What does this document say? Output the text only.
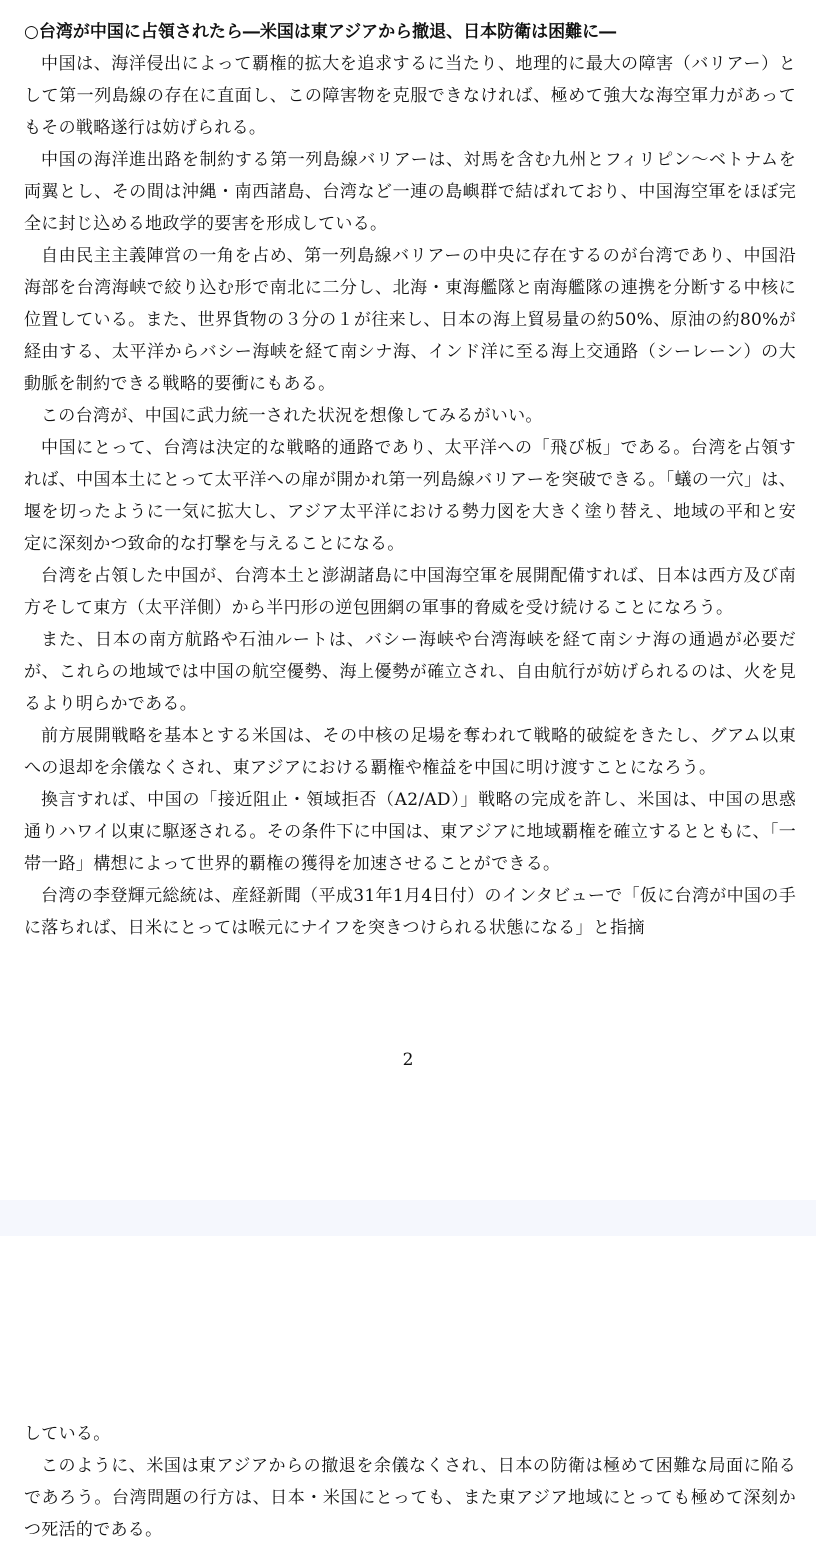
○台湾が中国に占領されたら―米国は東アジアから撤退、日本防衛は困難に―

中国は、海洋侵出によって覇権的拡大を追求するに当たり、地理的に最大の障害（バリアー）として第一列島線の存在に直面し、この障害物を克服できなければ、極めて強大な海空軍力があってもその戦略遂行は妨げられる。

中国の海洋進出路を制約する第一列島線バリアーは、対馬を含む九州とフィリピン～ベトナムを両翼とし、その間は沖縄・南西諸島、台湾など一連の島嶼群で結ばれており、中国海空軍をほぼ完全に封じ込める地政学的要害を形成している。

自由民主主義陣営の一角を占め、第一列島線バリアーの中央に存在するのが台湾であり、中国沿海部を台湾海峡で絞り込む形で南北に二分し、北海・東海艦隊と南海艦隊の連携を分断する中核に位置している。また、世界貨物の３分の１が往来し、日本の海上貿易量の約50%、原油の約80%が経由する、太平洋からバシー海峡を経て南シナ海、インド洋に至る海上交通路（シーレーン）の大動脈を制約できる戦略的要衝にもある。

この台湾が、中国に武力統一された状況を想像してみるがいい。

中国にとって、台湾は決定的な戦略的通路であり、太平洋への「飛び板」である。台湾を占領すれば、中国本土にとって太平洋への扉が開かれ第一列島線バリアーを突破できる。「蟻の一穴」は、堰を切ったように一気に拡大し、アジア太平洋における勢力図を大きく塗り替え、地域の平和と安定に深刻かつ致命的な打撃を与えることになる。

台湾を占領した中国が、台湾本土と澎湖諸島に中国海空軍を展開配備すれば、日本は西方及び南方そして東方（太平洋側）から半円形の逆包囲網の軍事的脅威を受け続けることになろう。

また、日本の南方航路や石油ルートは、バシー海峡や台湾海峡を経て南シナ海の通過が必要だが、これらの地域では中国の航空優勢、海上優勢が確立され、自由航行が妨げられるのは、火を見るより明らかである。

前方展開戦略を基本とする米国は、その中核の足場を奪われて戦略的破綻をきたし、グアム以東への退却を余儀なくされ、東アジアにおける覇権や権益を中国に明け渡すことになろう。

換言すれば、中国の「接近阻止・領域拒否（A2/AD）」戦略の完成を許し、米国は、中国の思惑通りハワイ以東に駆逐される。その条件下に中国は、東アジアに地域覇権を確立するとともに、「一帯一路」構想によって世界的覇権の獲得を加速させることができる。

台湾の李登輝元総統は、産経新聞（平成31年1月4日付）のインタビューで「仮に台湾が中国の手に落ちれば、日米にとっては喉元にナイフを突きつけられる状態になる」と指摘

2

している。

このように、米国は東アジアからの撤退を余儀なくされ、日本の防衛は極めて困難な局面に陥るであろう。台湾問題の行方は、日本・米国にとっても、また東アジア地域にとっても極めて深刻かつ死活的である。
